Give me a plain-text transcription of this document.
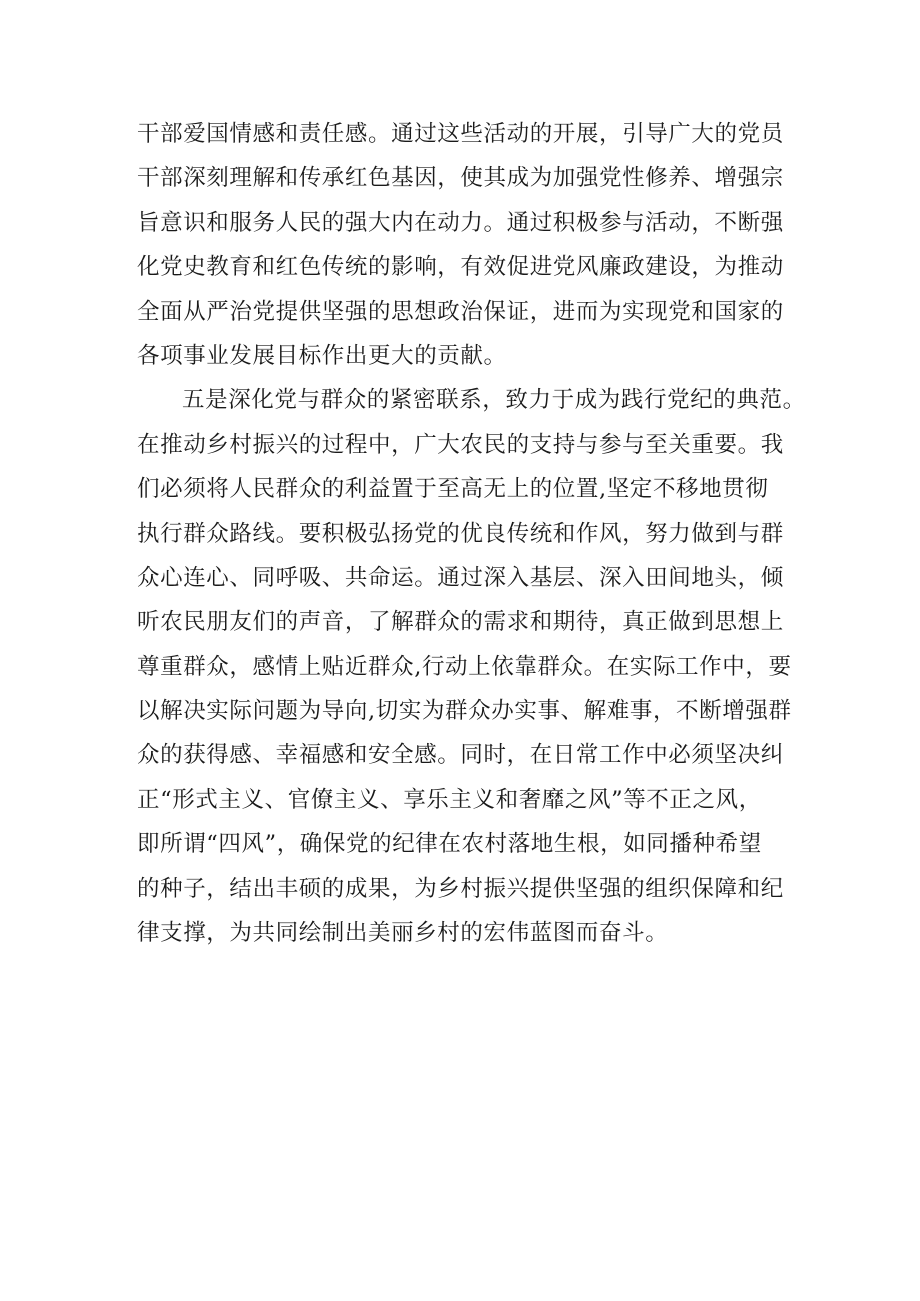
干部爱国情感和责任感。通过这些活动的开展，引导广大的党员
干部深刻理解和传承红色基因，使其成为加强党性修养、增强宗
旨意识和服务人民的强大内在动力。通过积极参与活动，不断强
化党史教育和红色传统的影响，有效促进党风廉政建设，为推动
全面从严治党提供坚强的思想政治保证，进而为实现党和国家的
各项事业发展目标作出更大的贡献。
五是深化党与群众的紧密联系，致力于成为践行党纪的典范。
在推动乡村振兴的过程中，广大农民的支持与参与至关重要。我
们必须将人民群众的利益置于至高无上的位置,坚定不移地贯彻
执行群众路线。要积极弘扬党的优良传统和作风，努力做到与群
众心连心、同呼吸、共命运。通过深入基层、深入田间地头，倾
听农民朋友们的声音，了解群众的需求和期待，真正做到思想上
尊重群众，感情上贴近群众,行动上依靠群众。在实际工作中，要
以解决实际问题为导向,切实为群众办实事、解难事，不断增强群
众的获得感、幸福感和安全感。同时，在日常工作中必须坚决纠
正“形式主义、官僚主义、享乐主义和奢靡之风”等不正之风，
即所谓“四风”，确保党的纪律在农村落地生根，如同播种希望
的种子，结出丰硕的成果，为乡村振兴提供坚强的组织保障和纪
律支撑，为共同绘制出美丽乡村的宏伟蓝图而奋斗。
